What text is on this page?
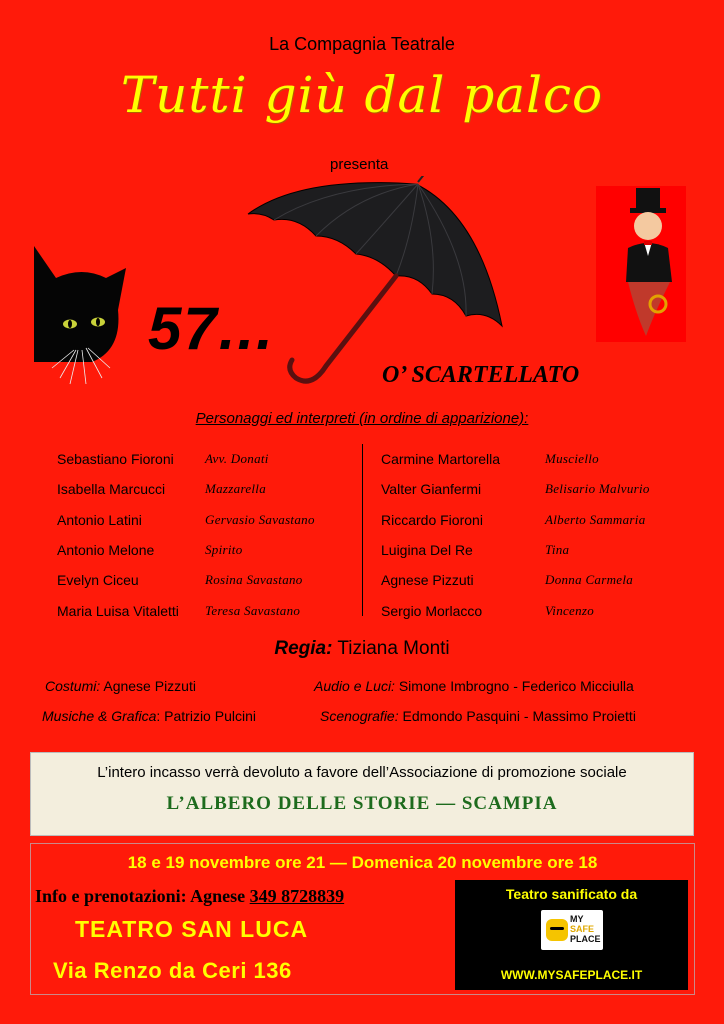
La Compagnia Teatrale
Tutti giù dal palco
presenta
57...
O’ SCARTELLATO
Personaggi ed interpreti (in ordine di apparizione):
Sebastiano Fioroni	Avv. Donati
Isabella Marcucci	Mazzarella
Antonio Latini	Gervasio Savastano
Antonio Melone	Spirito
Evelyn Ciceu	Rosina Savastano
Maria Luisa Vitaletti	Teresa Savastano
Carmine Martorella	Musciello
Valter Gianfermi	Belisario Malvurio
Riccardo Fioroni	Alberto Sammaria
Luigina Del Re	Tina
Agnese Pizzuti	Donna Carmela
Sergio Morlacco	Vincenzo
Regia: Tiziana Monti
Costumi: Agnese Pizzuti	Audio e Luci: Simone Imbrogno - Federico Micciulla
Musiche & Grafica: Patrizio Pulcini	Scenografie: Edmondo Pasquini - Massimo Proietti
L’intero incasso verrà devoluto a favore dell’Associazione di promozione sociale
L’ALBERO DELLE STORIE — SCAMPIA
18 e 19 novembre ore 21 — Domenica 20 novembre ore 18
Info e prenotazioni: Agnese 349 8728839
TEATRO SAN LUCA
Via Renzo da Ceri 136
Teatro sanificato da
MY
SAFE
PLACE
WWW.MYSAFEPLACE.IT
